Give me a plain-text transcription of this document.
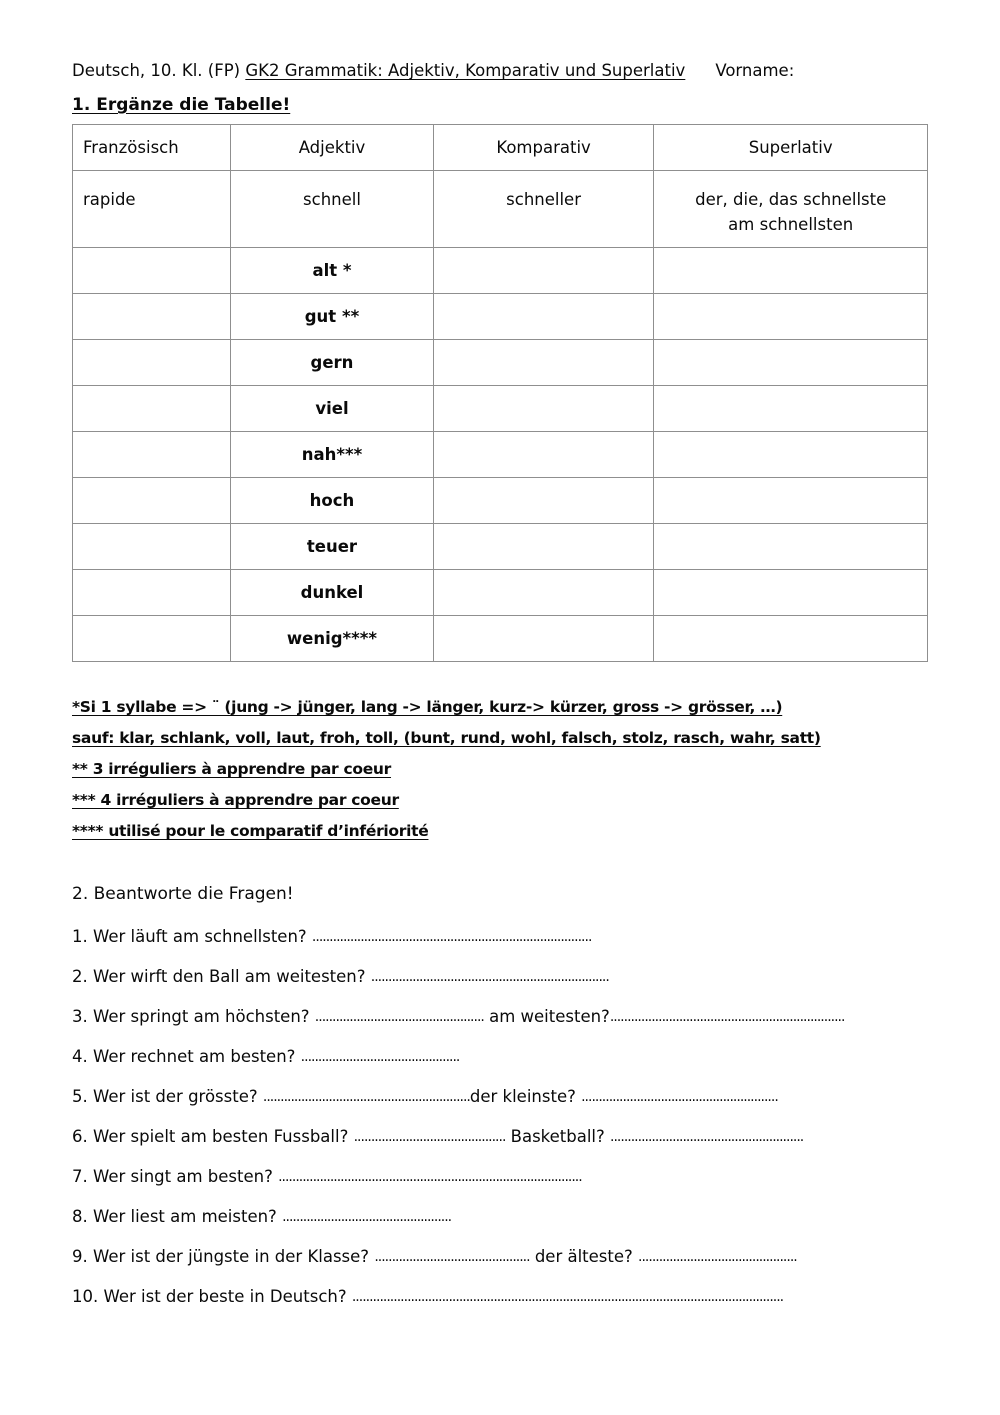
Deutsch, 10. Kl. (FP) GK2 Grammatik: Adjektiv, Komparativ und Superlativ Vorname:
1. Ergänze die Tabelle!
Französisch	Adjektiv	Komparativ	Superlativ
rapide	schnell	schneller	der, die, das schnellste
am schnellsten

	alt *		
	gut **		
	gern		
	viel		
	nah***		
	hoch		
	teuer		
	dunkel		
	wenig****		
*Si 1 syllabe => ¨ (jung -> jünger, lang -> länger, kurz-> kürzer, gross -> grösser, …)
sauf: klar, schlank, voll, laut, froh, toll, (bunt, rund, wohl, falsch, stolz, rasch, wahr, satt)
** 3 irréguliers à apprendre par coeur
*** 4 irréguliers à apprendre par coeur
**** utilisé pour le comparatif d’infériorité
2. Beantworte die Fragen!
1. Wer läuft am schnellsten? .................................................................................
2. Wer wirft den Ball am weitesten? .....................................................................
3. Wer springt am höchsten? ................................................. am weitesten?....................................................................
4. Wer rechnet am besten? ..............................................
5. Wer ist der grösste? ............................................................der kleinste? .........................................................
6. Wer spielt am besten Fussball? ............................................ Basketball? ........................................................
7. Wer singt am besten? ........................................................................................
8. Wer liest am meisten? .................................................
9. Wer ist der jüngste in der Klasse? ............................................. der älteste? ..............................................
10. Wer ist der beste in Deutsch? .............................................................................................................................
